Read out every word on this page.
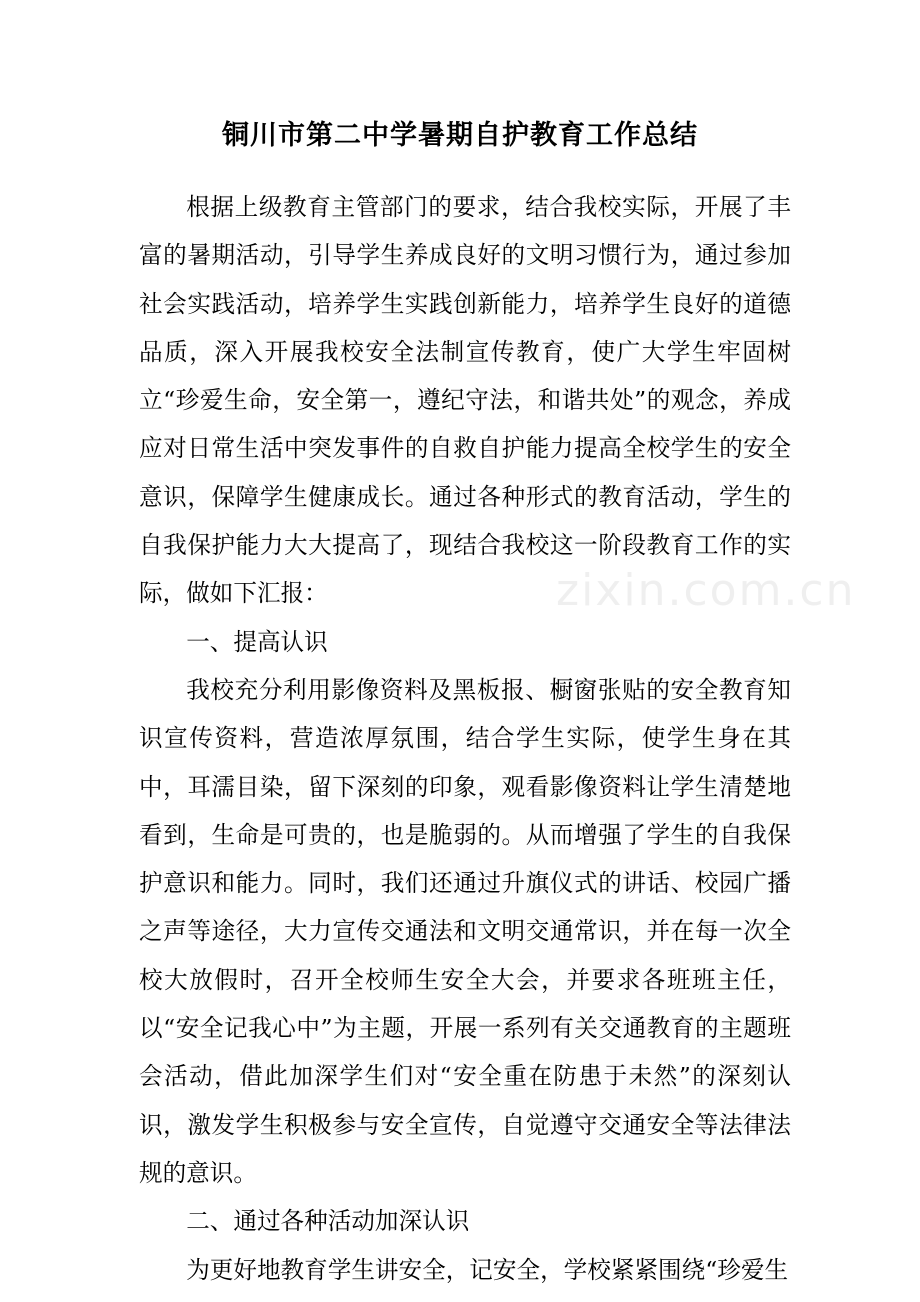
铜川市第二中学暑期自护教育工作总结

根据上级教育主管部门的要求，结合我校实际，开展了丰富的暑期活动，引导学生养成良好的文明习惯行为，通过参加社会实践活动，培养学生实践创新能力，培养学生良好的道德品质，深入开展我校安全法制宣传教育，使广大学生牢固树立“珍爱生命，安全第一，遵纪守法，和谐共处”的观念，养成应对日常生活中突发事件的自救自护能力提高全校学生的安全意识，保障学生健康成长。通过各种形式的教育活动，学生的自我保护能力大大提高了，现结合我校这一阶段教育工作的实际，做如下汇报：

一、提高认识

我校充分利用影像资料及黑板报、橱窗张贴的安全教育知识宣传资料，营造浓厚氛围，结合学生实际，使学生身在其中，耳濡目染，留下深刻的印象，观看影像资料让学生清楚地看到，生命是可贵的，也是脆弱的。从而增强了学生的自我保护意识和能力。同时，我们还通过升旗仪式的讲话、校园广播之声等途径，大力宣传交通法和文明交通常识，并在每一次全校大放假时，召开全校师生安全大会，并要求各班班主任，以“安全记我心中”为主题，开展一系列有关交通教育的主题班会活动，借此加深学生们对“安全重在防患于未然”的深刻认识，激发学生积极参与安全宣传，自觉遵守交通安全等法律法规的意识。

二、通过各种活动加深认识

为更好地教育学生讲安全，记安全，学校紧紧围绕“珍爱生

zixin.com.cn
